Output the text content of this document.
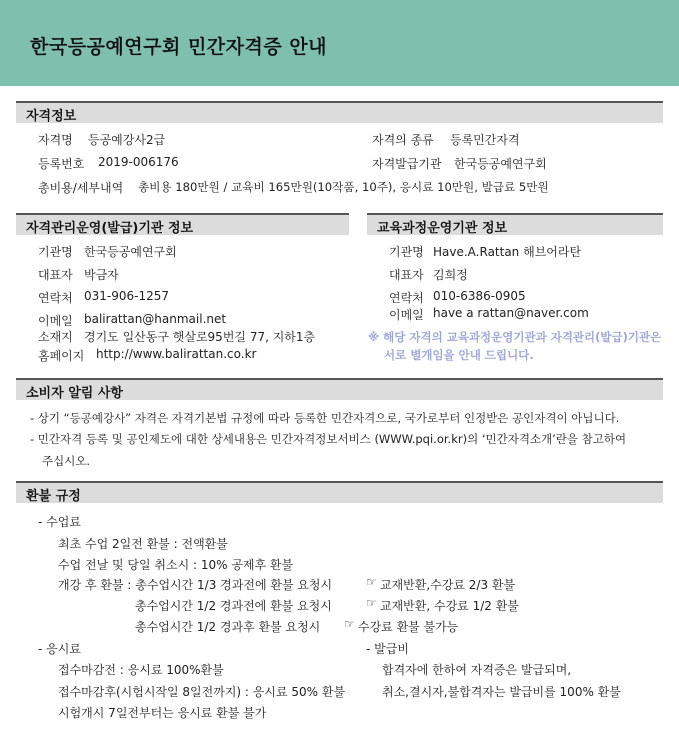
한국등공예연구회 민간자격증 안내
자격정보
자격명 등공예강사2급	자격의 종류 등록민간자격
등록번호 2019-006176	자격발급기관 한국등공예연구회
총비용/세부내역 총비용 180만원 / 교육비 165만원(10작품, 10주), 응시료 10만원, 발급료 5만원
자격관리운영(발급)기관 정보
기관명 한국등공예연구회
대표자 박금자
연락처 031-906-1257
이메일 balirattan@hanmail.net
소재지 경기도 일산동구 햇살로95번길 77, 지하1층
홈페이지 http://www.balirattan.co.kr
교육과정운영기관 정보
기관명 Have.A.Rattan 해브어라탄
대표자 김희정
연락처 010-6386-0905
이메일 have a rattan@naver.com
※ 해당 자격의 교육과정운영기관과 자격관리(발급)기관은
서로 별개임을 안내 드립니다.
소비자 알림 사항
- 상기 “등공예강사” 자격은 자격기본법 규정에 따라 등록한 민간자격으로, 국가로부터 인정받은 공인자격이 아닙니다.
- 민간자격 등록 및 공인제도에 대한 상세내용은 민간자격정보서비스 (WWW.pqi.or.kr)의 ‘민간자격소개’란을 참고하여
주십시오.
환불 규정
- 수업료
최초 수업 2일전 환불 : 전액환불
수업 전날 및 당일 취소시 : 10% 공제후 환불
개강 후 환불 : 총수업시간 1/3 경과전에 환불 요청시	☞ 교재반환,수강료 2/3 환불
총수업시간 1/2 경과전에 환불 요청시	☞ 교재반환, 수강료 1/2 환불
총수업시간 1/2 경과후 환불 요청시 ☞ 수강료 환불 불가능
- 응시료
접수마감전 : 응시료 100%환불
접수마감후(시험시작일 8일전까지) : 응시료 50% 환불
시험개시 7일전부터는 응시료 환불 불가
- 발급비
합격자에 한하여 자격증은 발급되며,
취소,결시자,불합격자는 발급비를 100% 환불
